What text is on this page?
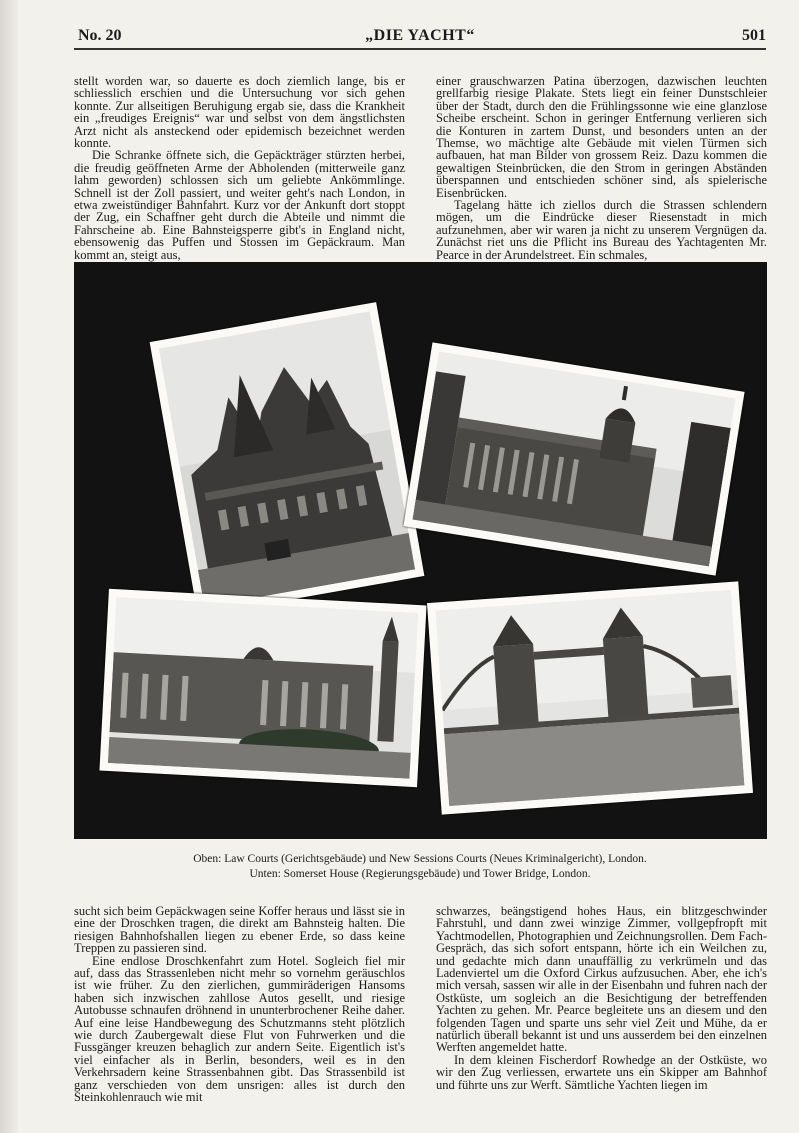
No. 20	„DIE YACHT“	501

stellt worden war, so dauerte es doch ziemlich lange, bis er schliesslich erschien und die Untersuchung vor sich gehen konnte. Zur allseitigen Beruhigung ergab sie, dass die Krankheit ein „freudiges Ereignis“ war und selbst von dem ängstlichsten Arzt nicht als ansteckend oder epidemisch bezeichnet werden konnte.

Die Schranke öffnete sich, die Gepäckträger stürzten herbei, die freudig geöffneten Arme der Abholenden (mitterweile ganz lahm geworden) schlossen sich um geliebte Ankömmlinge. Schnell ist der Zoll passiert, und weiter geht's nach London, in etwa zweistündiger Bahnfahrt. Kurz vor der Ankunft dort stoppt der Zug, ein Schaffner geht durch die Abteile und nimmt die Fahrscheine ab. Eine Bahnsteigsperre gibt's in England nicht, ebensowenig das Puffen und Stossen im Gepäckraum. Man kommt an, steigt aus,

einer grauschwarzen Patina überzogen, dazwischen leuchten grellfarbig riesige Plakate. Stets liegt ein feiner Dunstschleier über der Stadt, durch den die Frühlingssonne wie eine glanzlose Scheibe erscheint. Schon in geringer Entfernung verlieren sich die Konturen in zartem Dunst, und besonders unten an der Themse, wo mächtige alte Gebäude mit vielen Türmen sich aufbauen, hat man Bilder von grossem Reiz. Dazu kommen die gewaltigen Steinbrücken, die den Strom in geringen Abständen überspannen und entschieden schöner sind, als spielerische Eisenbrücken.

Tagelang hätte ich ziellos durch die Strassen schlendern mögen, um die Eindrücke dieser Riesenstadt in mich aufzunehmen, aber wir waren ja nicht zu unserem Vergnügen da. Zunächst riet uns die Pflicht ins Bureau des Yachtagenten Mr. Pearce in der Arundelstreet. Ein schmales,

Oben: Law Courts (Gerichtsgebäude) und New Sessions Courts (Neues Kriminalgericht), London.
Unten: Somerset House (Regierungsgebäude) und Tower Bridge, London.

sucht sich beim Gepäckwagen seine Koffer heraus und lässt sie in eine der Droschken tragen, die direkt am Bahnsteig halten. Die riesigen Bahnhofshallen liegen zu ebener Erde, so dass keine Treppen zu passieren sind.

Eine endlose Droschkenfahrt zum Hotel. Sogleich fiel mir auf, dass das Strassenleben nicht mehr so vornehm geräuschlos ist wie früher. Zu den zierlichen, gummiräderigen Hansoms haben sich inzwischen zahllose Autos gesellt, und riesige Autobusse schnaufen dröhnend in ununterbrochener Reihe daher. Auf eine leise Handbewegung des Schutzmanns steht plötzlich wie durch Zaubergewalt diese Flut von Fuhrwerken und die Fussgänger kreuzen behaglich zur andern Seite. Eigentlich ist's viel einfacher als in Berlin, besonders, weil es in den Verkehrsadern keine Strassenbahnen gibt. Das Strassenbild ist ganz verschieden von dem unsrigen: alles ist durch den Steinkohlenrauch wie mit

schwarzes, beängstigend hohes Haus, ein blitzgeschwinder Fahrstuhl, und dann zwei winzige Zimmer, vollgepfropft mit Yachtmodellen, Photographien und Zeichnungsrollen. Dem Fach-Gespräch, das sich sofort entspann, hörte ich ein Weilchen zu, und gedachte mich dann unauffällig zu verkrümeln und das Ladenviertel um die Oxford Cirkus aufzusuchen. Aber, ehe ich's mich versah, sassen wir alle in der Eisenbahn und fuhren nach der Ostküste, um sogleich an die Besichtigung der betreffenden Yachten zu gehen. Mr. Pearce begleitete uns an diesem und den folgenden Tagen und sparte uns sehr viel Zeit und Mühe, da er natürlich überall bekannt ist und uns ausserdem bei den einzelnen Werften angemeldet hatte.

In dem kleinen Fischerdorf Rowhedge an der Ostküste, wo wir den Zug verliessen, erwartete uns ein Skipper am Bahnhof und führte uns zur Werft. Sämtliche Yachten liegen im
